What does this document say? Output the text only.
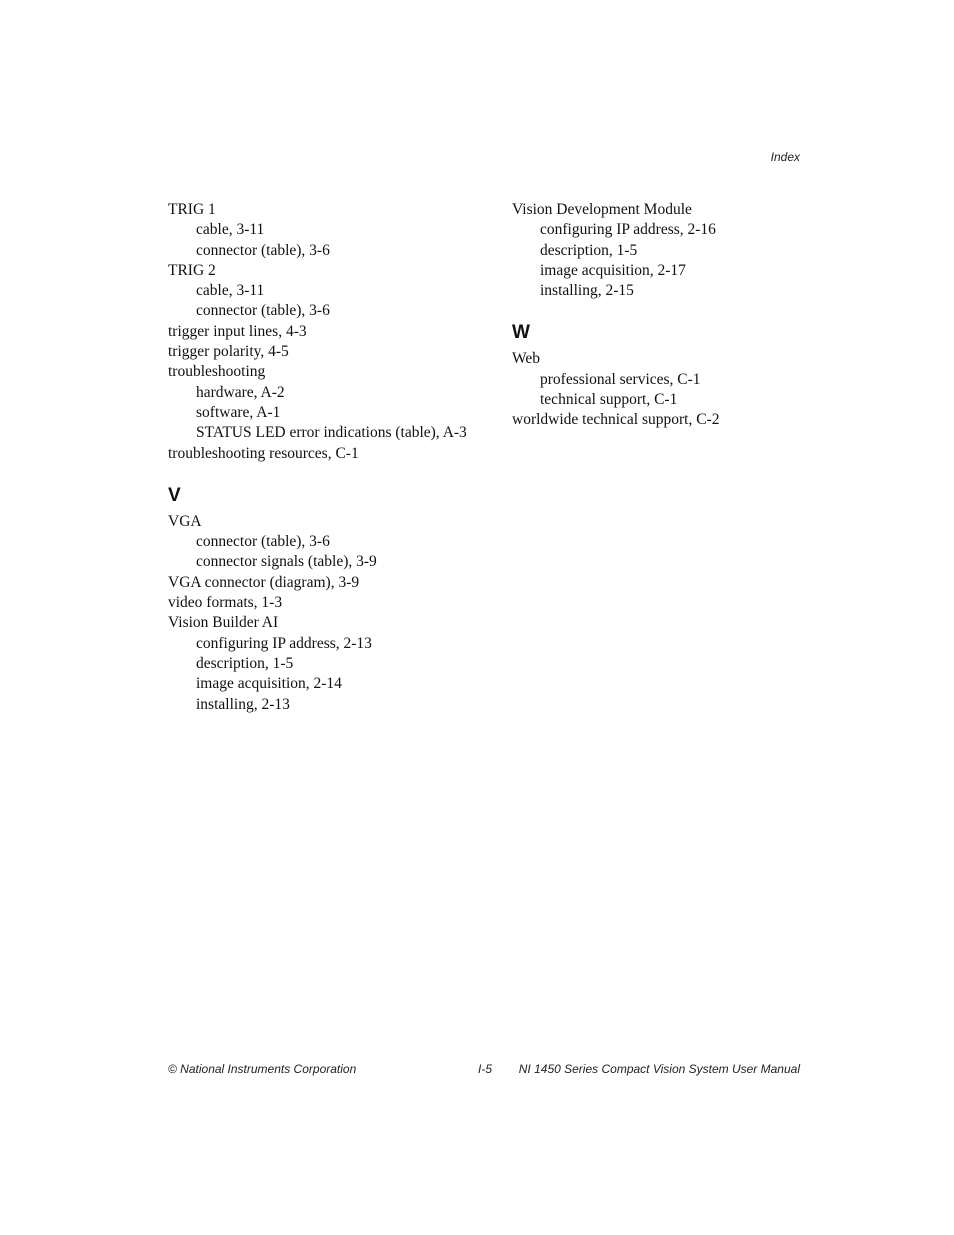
Index
TRIG 1
cable, 3-11
connector (table), 3-6
TRIG 2
cable, 3-11
connector (table), 3-6
trigger input lines, 4-3
trigger polarity, 4-5
troubleshooting
hardware, A-2
software, A-1
STATUS LED error indications (table), A-3
troubleshooting resources, C-1
V
VGA
connector (table), 3-6
connector signals (table), 3-9
VGA connector (diagram), 3-9
video formats, 1-3
Vision Builder AI
configuring IP address, 2-13
description, 1-5
image acquisition, 2-14
installing, 2-13
Vision Development Module
configuring IP address, 2-16
description, 1-5
image acquisition, 2-17
installing, 2-15
W
Web
professional services, C-1
technical support, C-1
worldwide technical support, C-2
© National Instruments Corporation	I-5 NI 1450 Series Compact Vision System User Manual
